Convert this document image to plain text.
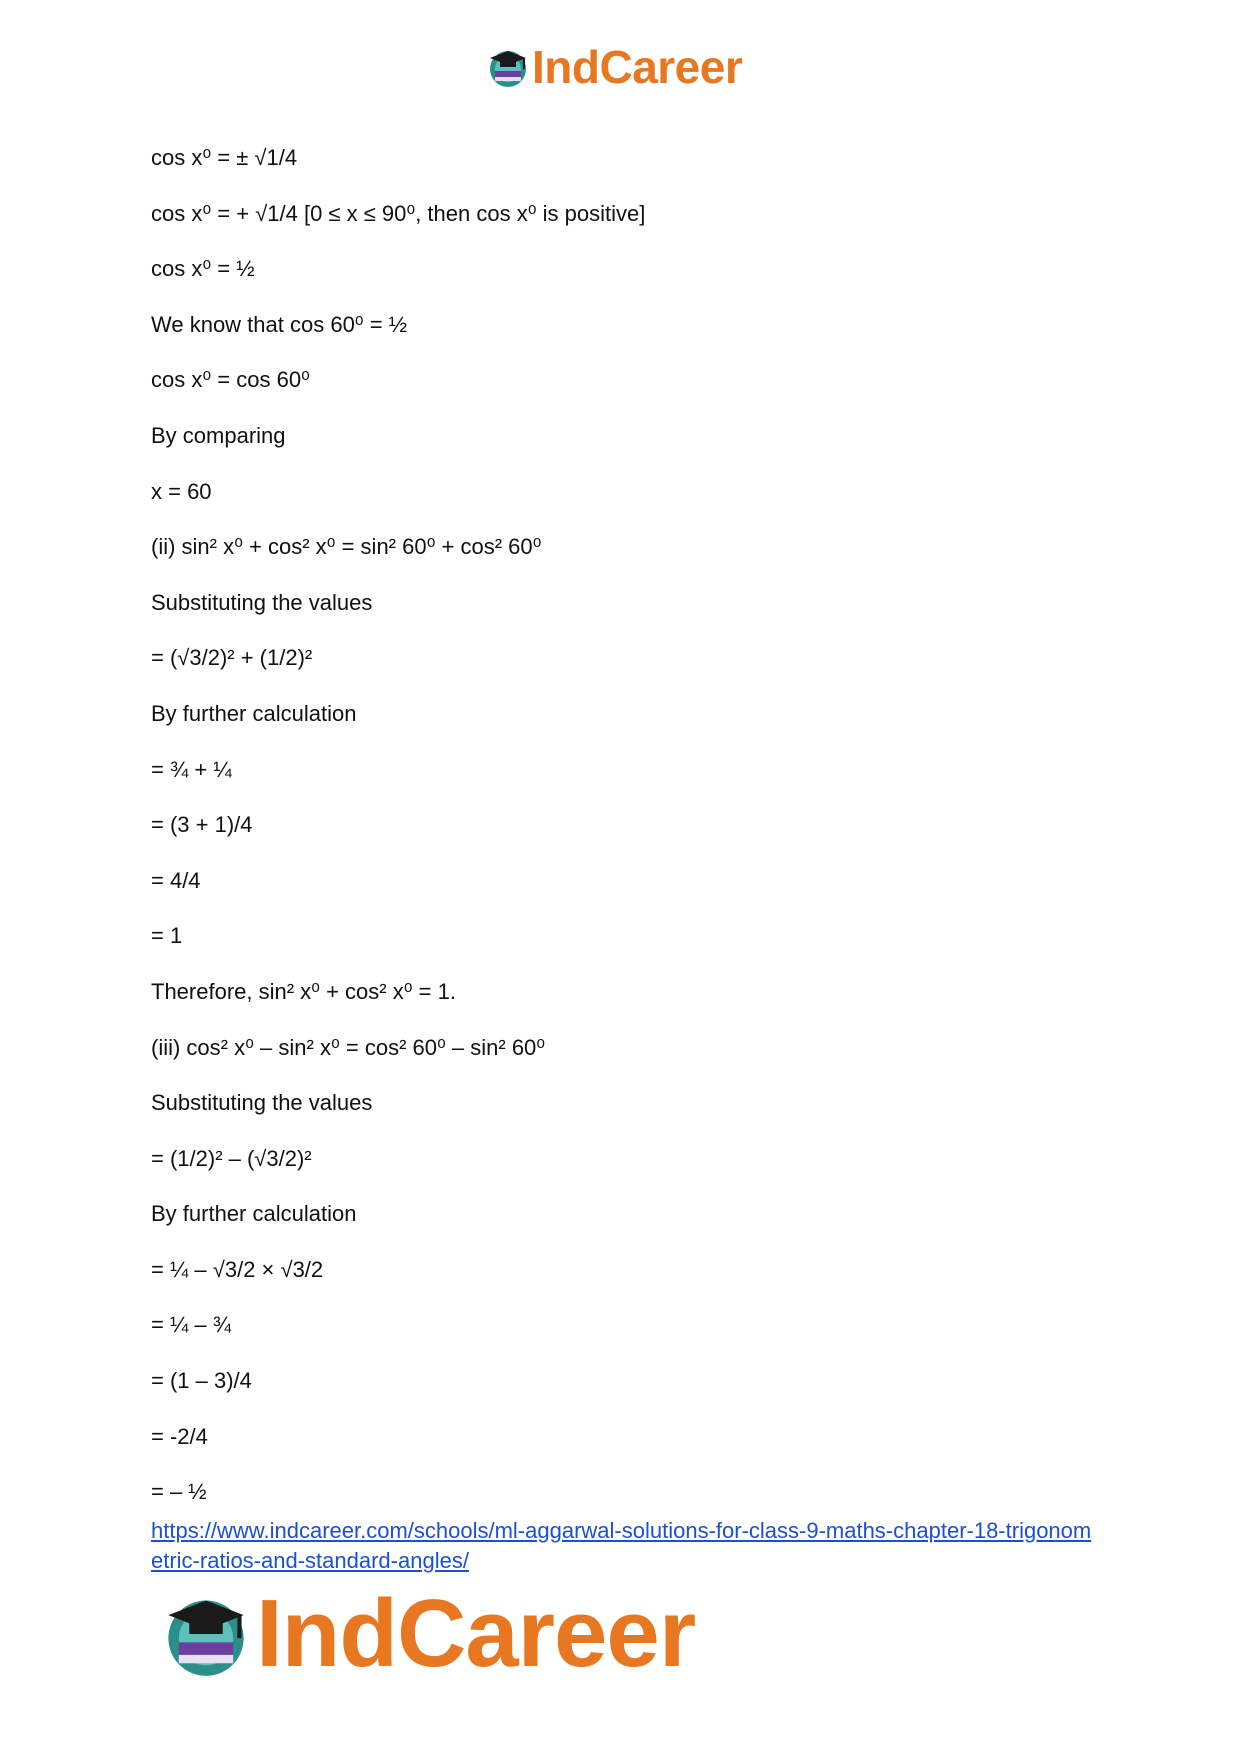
IndCareer
cos x⁰ = ± √1/4
cos x⁰ = + √1/4 [0 ≤ x ≤ 90⁰, then cos x⁰ is positive]
cos x⁰ = ½
We know that cos 60⁰ = ½
cos x⁰ = cos 60⁰
By comparing
x = 60
(ii) sin² x⁰ + cos² x⁰ = sin² 60⁰ + cos² 60⁰
Substituting the values
= (√3/2)² + (1/2)²
By further calculation
= ¾ + ¼
= (3 + 1)/4
= 4/4
= 1
Therefore, sin² x⁰ + cos² x⁰ = 1.
(iii) cos² x⁰ – sin² x⁰ = cos² 60⁰ – sin² 60⁰
Substituting the values
= (1/2)² – (√3/2)²
By further calculation
= ¼ – √3/2 × √3/2
= ¼ – ¾
= (1 – 3)/4
= -2/4
= – ½
https://www.indcareer.com/schools/ml-aggarwal-solutions-for-class-9-maths-chapter-18-trigonometric-ratios-and-standard-angles/
IndCareer
